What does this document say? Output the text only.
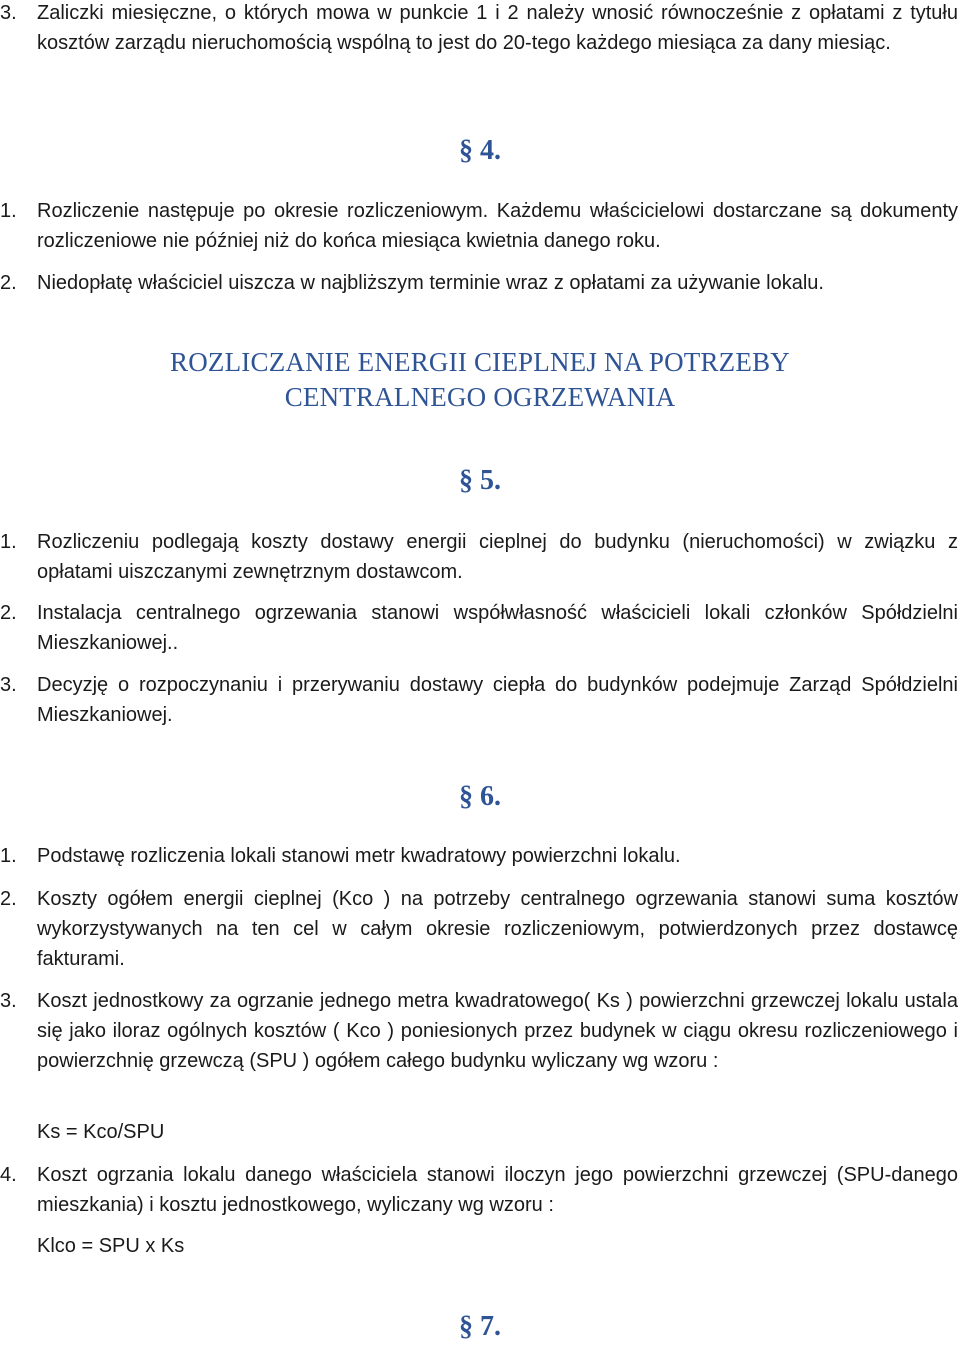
3. Zaliczki miesięczne, o których mowa w punkcie 1 i 2 należy wnosić równocześnie z opłatami z tytułu kosztów zarządu nieruchomością wspólną to jest do 20-tego każdego miesiąca za dany miesiąc.
§ 4.
1. Rozliczenie następuje po okresie rozliczeniowym. Każdemu właścicielowi dostarczane są dokumenty rozliczeniowe nie później niż do końca miesiąca kwietnia danego roku.
2. Niedopłatę właściciel uiszcza w najbliższym terminie wraz z opłatami za używanie lokalu.
ROZLICZANIE ENERGII CIEPLNEJ NA POTRZEBY
CENTRALNEGO OGRZEWANIA
§ 5.
1. Rozliczeniu podlegają koszty dostawy energii cieplnej do budynku (nieruchomości) w związku z opłatami uiszczanymi zewnętrznym dostawcom.
2. Instalacja centralnego ogrzewania stanowi współwłasność właścicieli lokali członków Spółdzielni Mieszkaniowej..
3. Decyzję o rozpoczynaniu i przerywaniu dostawy ciepła do budynków podejmuje Zarząd Spółdzielni Mieszkaniowej.
§ 6.
1. Podstawę rozliczenia lokali stanowi metr kwadratowy powierzchni lokalu.
2. Koszty ogółem energii cieplnej (Kco ) na potrzeby centralnego ogrzewania stanowi suma kosztów wykorzystywanych na ten cel w całym okresie rozliczeniowym, potwierdzonych przez dostawcę fakturami.
3. Koszt jednostkowy za ogrzanie jednego metra kwadratowego( Ks ) powierzchni grzewczej lokalu ustala się jako iloraz ogólnych kosztów ( Kco ) poniesionych przez budynek w ciągu okresu rozliczeniowego i powierzchnię grzewczą (SPU ) ogółem całego budynku wyliczany wg wzoru :
Ks = Kco/SPU
4. Koszt ogrzania lokalu danego właściciela stanowi iloczyn jego powierzchni grzewczej (SPU-danego mieszkania) i kosztu jednostkowego, wyliczany wg wzoru :
Klco = SPU x Ks
§ 7.
